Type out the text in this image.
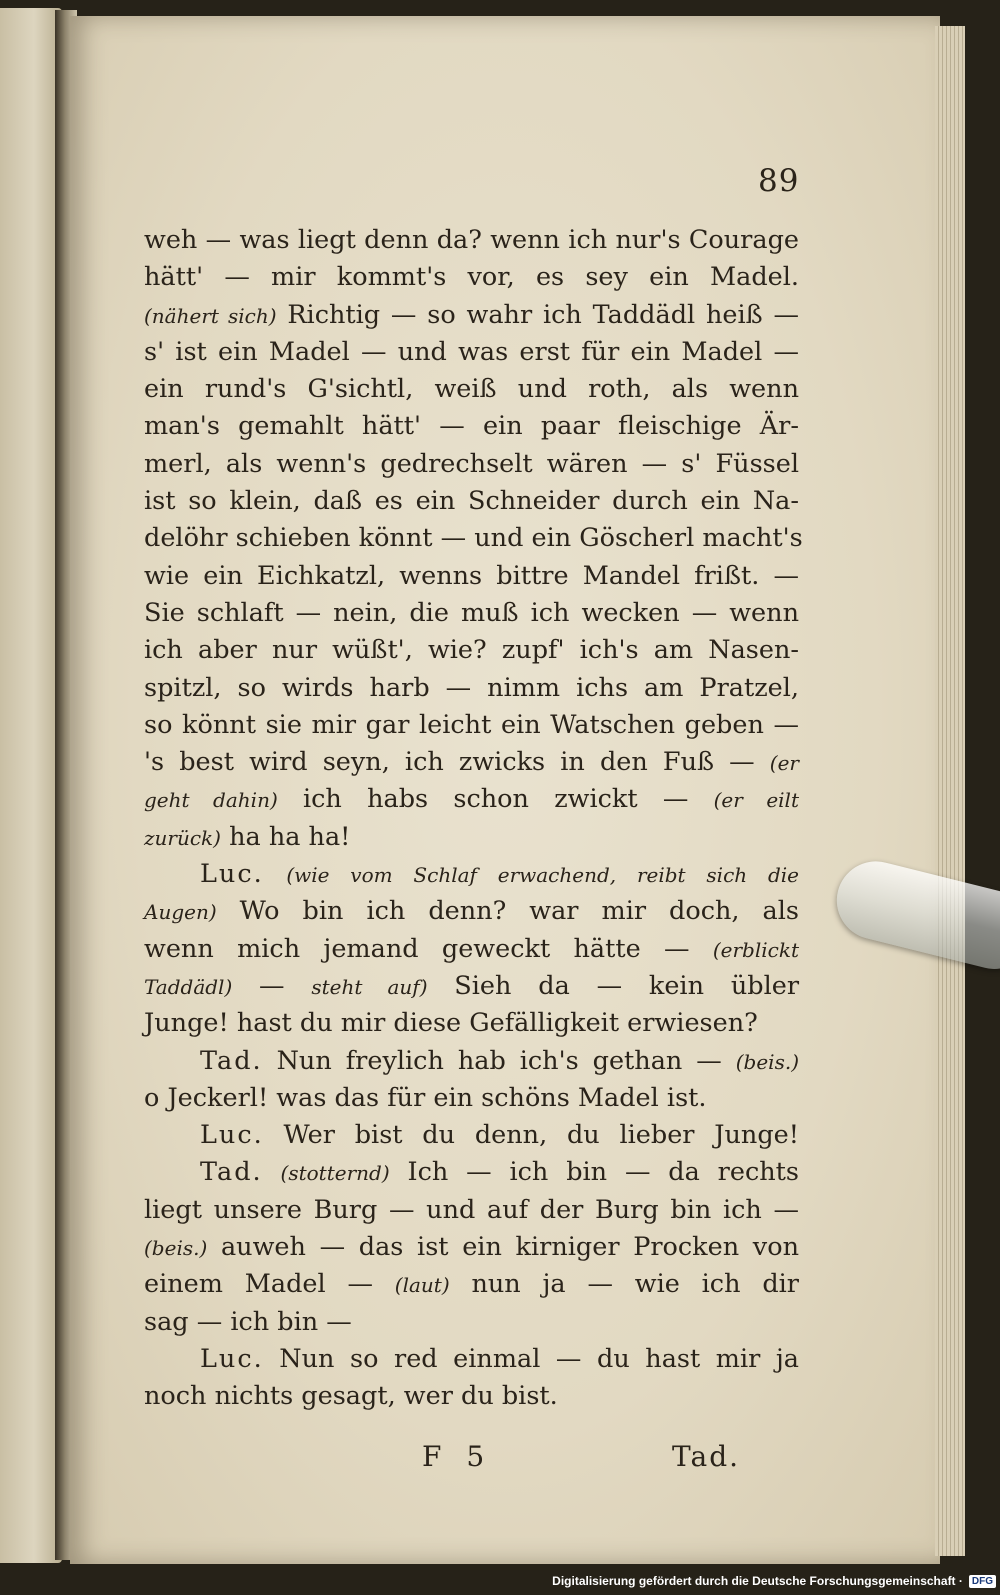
89
weh — was liegt denn da? wenn ich nur's Courage
hätt' — mir kommt's vor, es sey ein Madel.
(nähert sich) Richtig — so wahr ich Taddädl heiß —
s' ist ein Madel — und was erst für ein Madel —
ein rund's G'sichtl, weiß und roth, als wenn
man's gemahlt hätt' — ein paar fleischige Är-
merl, als wenn's gedrechselt wären — s' Füssel
ist so klein, daß es ein Schneider durch ein Na-
delöhr schieben könnt — und ein Göscherl macht's
wie ein Eichkatzl, wenns bittre Mandel frißt. —
Sie schlaft — nein, die muß ich wecken — wenn
ich aber nur wüßt', wie? zupf' ich's am Nasen-
spitzl, so wirds harb — nimm ichs am Pratzel,
so könnt sie mir gar leicht ein Watschen geben —
's best wird seyn, ich zwicks in den Fuß — (er
geht dahin) ich habs schon zwickt — (er eilt
zurück) ha ha ha!
Luc. (wie vom Schlaf erwachend, reibt sich die
Augen) Wo bin ich denn? war mir doch, als
wenn mich jemand geweckt hätte — (erblickt
Taddädl) — steht auf) Sieh da — kein übler
Junge! hast du mir diese Gefälligkeit erwiesen?
Tad. Nun freylich hab ich's gethan — (beis.)
o Jeckerl! was das für ein schöns Madel ist.
Luc. Wer bist du denn, du lieber Junge!
Tad. (stotternd) Ich — ich bin — da rechts
liegt unsere Burg — und auf der Burg bin ich —
(beis.) auweh — das ist ein kirniger Procken von
einem Madel — (laut) nun ja — wie ich dir
sag — ich bin —
Luc. Nun so red einmal — du hast mir ja
noch nichts gesagt, wer du bist.
F 5	Tad.
Digitalisierung gefördert durch die Deutsche Forschungsgemeinschaft · DFG
